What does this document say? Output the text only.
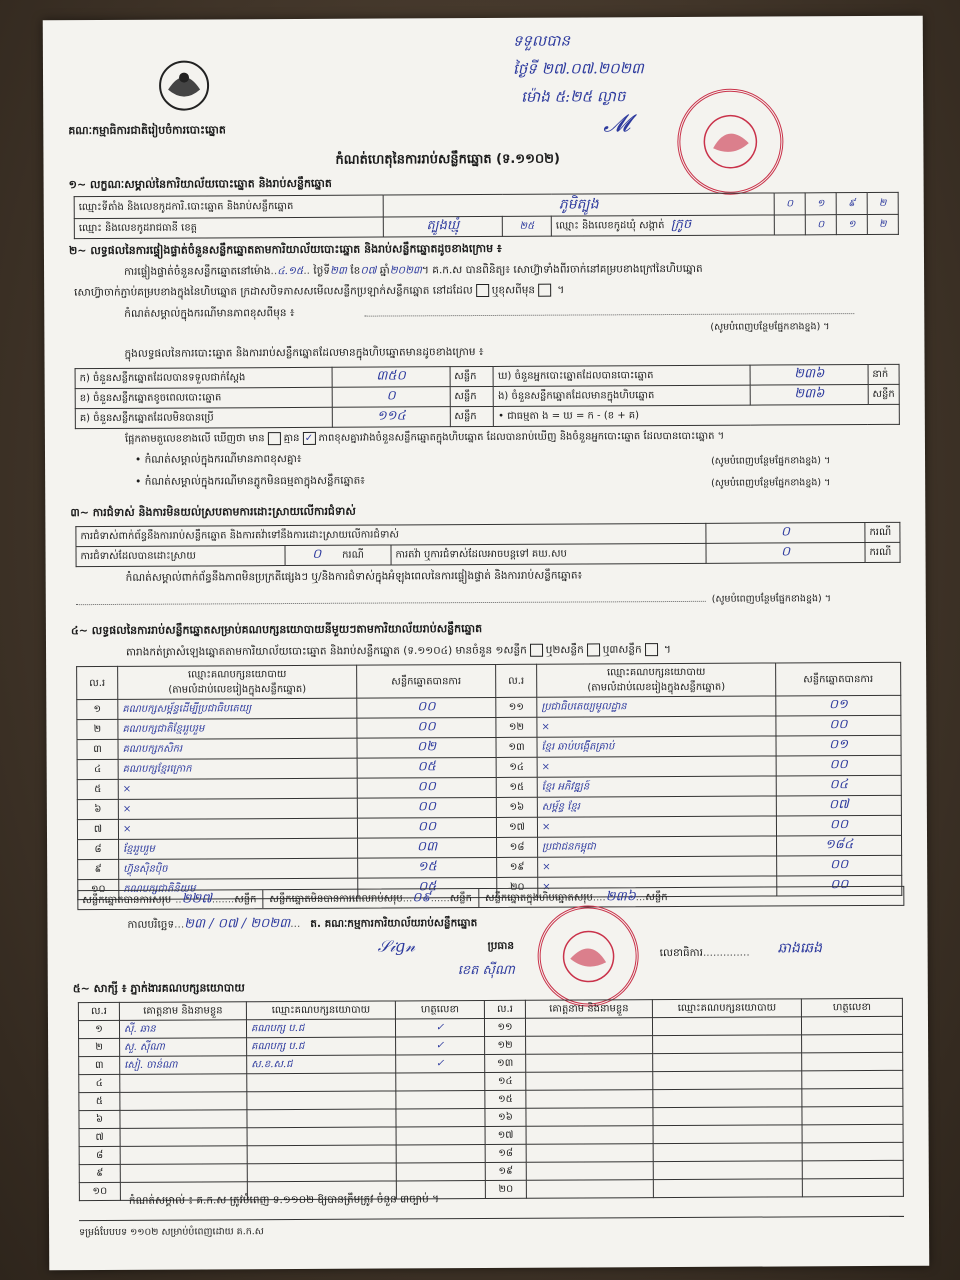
គណៈកម្មាធិការជាតិរៀបចំការបោះឆ្នោត
កំណត់ហេតុនៃការរាប់សន្លឹកឆ្នោត (ទ.១១០២)
ទទួលបាន
ថ្ងៃទី ២៧.០៧.២០២៣
ម៉ោង ៥:២៥ ល្ងាច
𝓜
១~ លក្ខណៈសម្គាល់នៃការិយាល័យបោះឆ្នោត និងរាប់សន្លឹកឆ្នោត
ឈ្មោះទីតាំង និងលេខកូដការិ.បោះឆ្នោត និងរាប់សន្លឹកឆ្នោត	ភូមិត្បូង			០	១	៩	២
ឈ្មោះ និងលេខកូដរាជធានី ខេត្ត	ត្បូងឃ្មុំ	២៥	ឈ្មោះ និងលេខកូដឃុំ សង្កាត់ ក្រូច		០	១	២
២~ លទ្ធផលនៃការផ្ទៀងផ្ទាត់ចំនួនសន្លឹកឆ្នោតតាមការិយាល័យបោះឆ្នោត និងរាប់សន្លឹកឆ្នោតដូចខាងក្រោម ៖
ការផ្ទៀងផ្ទាត់ចំនួនសន្លឹកឆ្នោតនៅម៉ោង..៤.១៥.. ថ្ងៃទី២៣ ខែ០៧ ឆ្នាំ២០២៣។ គ.ក.ស បានពិនិត្យ៖ សោហ្វ៊ាទាំងពីរចាក់នៅគម្របខាងក្រៅនៃហិបឆ្នោត
សោហ្វ៊ាចាក់ភ្ជាប់គម្របខាងក្នុងនៃហិបឆ្នោត ក្រដាសបិទភាសសមើលសន្លឹកប្រឡាក់សន្លឹកឆ្នោត នៅដដែល ឬខុសពីមុន ។
កំណត់សម្គាល់ក្នុងករណីមានភាពខុសពីមុន ៖
(សូមបំពេញបន្ថែមផ្នែកខាងខ្នង) ។
ក្នុងលទ្ធផលនៃការបោះឆ្នោត និងការរាប់សន្លឹកឆ្នោតដែលមានក្នុងហិបឆ្នោតមានដូចខាងក្រោម ៖
ក) ចំនួនសន្លឹកឆ្នោតដែលបានទទួលជាក់ស្តែង	៣៥០	សន្លឹក	ឃ) ចំនួនអ្នកបោះឆ្នោតដែលបានបោះឆ្នោត	២៣៦	នាក់
ខ) ចំនួនសន្លឹកឆ្នោតខូចពេលបោះឆ្នោត	០	សន្លឹក	ង) ចំនួនសន្លឹកឆ្នោតដែលមានក្នុងហិបឆ្នោត	២៣៦	សន្លឹក
គ) ចំនួនសន្លឹកឆ្នោតដែលមិនបានប្រើ	១១៤	សន្លឹក	• ជាធម្មតា ង = ឃ = ក - (ខ + គ)		
ផ្អែកតាមតួលេខខាងលើ ឃើញថា មាន គ្មាន ✓ ភាពខុសគ្នារវាងចំនួនសន្លឹកឆ្នោតក្នុងហិបឆ្នោត ដែលបានរាប់ឃើញ និងចំនួនអ្នកបោះឆ្នោត ដែលបានបោះឆ្នោត ។
• កំណត់សម្គាល់ក្នុងករណីមានភាពខុសគ្នា៖	(សូមបំពេញបន្ថែមផ្នែកខាងខ្នង) ។
• កំណត់សម្គាល់ក្នុងករណីមានភ្នូកមិនធម្មតាក្នុងសន្លឹកឆ្នោត៖	(សូមបំពេញបន្ថែមផ្នែកខាងខ្នង) ។
៣~ ការជំទាស់ និងការមិនយល់ស្របតាមការដោះស្រាយលើការជំទាស់
ការជំទាស់ពាក់ព័ន្ធនឹងការរាប់សន្លឹកឆ្នោត និងការតវ៉ាទៅនឹងការដោះស្រាយលើការជំទាស់			០	ករណី
ការជំទាស់ដែលបានដោះស្រាយ	០ ករណី	ការតវ៉ា ឬការជំទាស់ដែលអាចបន្តទៅ គឃ.សប	០	ករណី
កំណត់សម្គាល់ពាក់ព័ន្ធនឹងភាពមិនប្រក្រតីផ្សេងៗ ឬ/និងការជំទាស់ក្នុងអំឡុងពេលនៃការផ្ទៀងផ្ទាត់ និងការរាប់សន្លឹកឆ្នោត៖
(សូមបំពេញបន្ថែមផ្នែកខាងខ្នង) ។
៤~ លទ្ធផលនៃការរាប់សន្លឹកឆ្នោតសម្រាប់គណបក្សនយោបាយនីមួយៗតាមការិយាល័យរាប់សន្លឹកឆ្នោត
តារាងកត់ត្រាសំឡេងឆ្នោតតាមការិយាល័យបោះឆ្នោត និងរាប់សន្លឹកឆ្នោត (ទ.១១០៤) មានចំនួន ១សន្លឹក ឬ២សន្លឹក ឬ៣សន្លឹក ។
ល.រ	ឈ្មោះគណបក្សនយោបាយ
(តាមលំដាប់លេខរៀងក្នុងសន្លឹកឆ្នោត)	សន្លឹកឆ្នោតបានការ	ល.រ	ឈ្មោះគណបក្សនយោបាយ
(តាមលំដាប់លេខរៀងក្នុងសន្លឹកឆ្នោត)	សន្លឹកឆ្នោតបានការ
១	គណបក្សសម្ព័ន្ធដើម្បីប្រជាធិបតេយ្យ	០០	១១	ប្រជាធិបតេយ្យមូលដ្ឋាន	០១
២	គណបក្សជាតិខ្មែររួបរួម	០០	១២	×	០០
៣	គណបក្សកសិករ	០២	១៣	ខ្មែរ ឆាប់បង្កើតគ្រាប់	០១
៤	គណបក្សខ្មែរក្រោក	០៥	១៤	×	០០
៥	×	០០	១៥	ខ្មែរ អភិវឌ្ឍន៍	០៤
៦	×	០០	១៦	សម្ព័ន្ធ ខ្មែរ	០៧
៧	×	០០	១៧	×	០០
៨	ខ្មែររួបរួម	០៣	១៨	ប្រជាជនកម្ពុជា	១៨៤
៩	ហ៊្វុនស៊ិនប៉ិច	១៥	១៩	×	០០
១០	គណបក្សជាតិនិយម	០៥	២០	×	០០
សន្លឹកឆ្នោតបានការសរុប .. ២២៧ ....... សន្លឹក សន្លឹកឆ្នោតមិនបានការពេលរាប់សរុប ... ០៩ ...... សន្លឹក សន្លឹកឆ្នោតក្នុងហិបឆ្នោតសរុប .... ២៣៦ ... សន្លឹក
កាលបរិច្ឆេទ...២៣ / ០៧ / ២០២៣... ត. គណៈកម្មការការិយាល័យរាប់សន្លឹកឆ្នោត
𝒮𝒾𝑔𝓃	ប្រធាន
ខេត ស៊ីណា
លេខាធិការ.............. ឆាងឆេង
៥~ សាក្សី ៖ ភ្នាក់ងារគណបក្សនយោបាយ
ល.រ	គោត្តនាម និងនាមខ្លួន	ឈ្មោះគណបក្សនយោបាយ	ហត្ថលេខា	ល.រ	គោត្តនាម និងនាមខ្លួន	ឈ្មោះគណបក្សនយោបាយ	ហត្ថលេខា
១	ស៊ី. ឆាន	គណបក្ស ប.ជ	✓	១១			
២	សួ. ស៊ីណា	គណបក្ស ប.ជ	✓	១២			
៣	សៀ. ចាន់ណា	ស.ខ.ស.ជ	✓	១៣			
៤				១៤			
៥				១៥			
៦				១៦			
៧				១៧			
៨				១៨			
៩				១៩			
១០				២០			
កំណត់សម្គាល់ ៖ គ.ក.ស ត្រូវបំពេញ ទ.១១០២ ឱ្យបានត្រឹមត្រូវ ចំនួន ៣ច្បាប់ ។
ទម្រង់បែបបទ ១១០២ សម្រាប់បំពេញដោយ គ.ក.ស
